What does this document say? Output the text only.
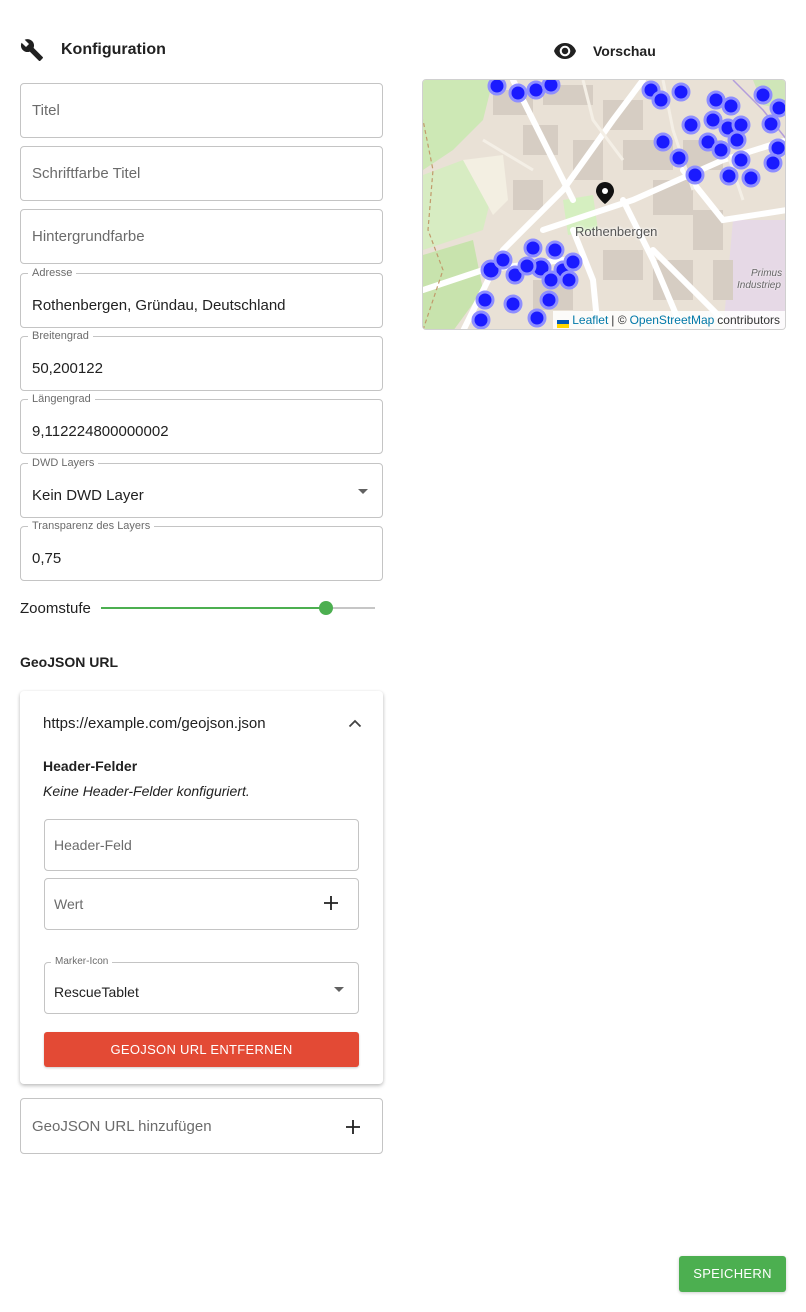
Konfiguration
Titel
Schriftfarbe Titel
Hintergrundfarbe
Adresse
Rothenbergen, Gründau, Deutschland
Breitengrad
50,200122
Längengrad
9,112224800000002
DWD Layers
Kein DWD Layer
Transparenz des Layers
0,75
Zoomstufe
GeoJSON URL
https://example.com/geojson.json
Header-Felder
Keine Header-Felder konfiguriert.
Header-Feld
Wert
Marker-Icon
RescueTablet
GEOJSON URL ENTFERNEN
GeoJSON URL hinzufügen
Vorschau
Rothenbergen
Primus
Industriep
Leaflet | © OpenStreetMap contributors
SPEICHERN
